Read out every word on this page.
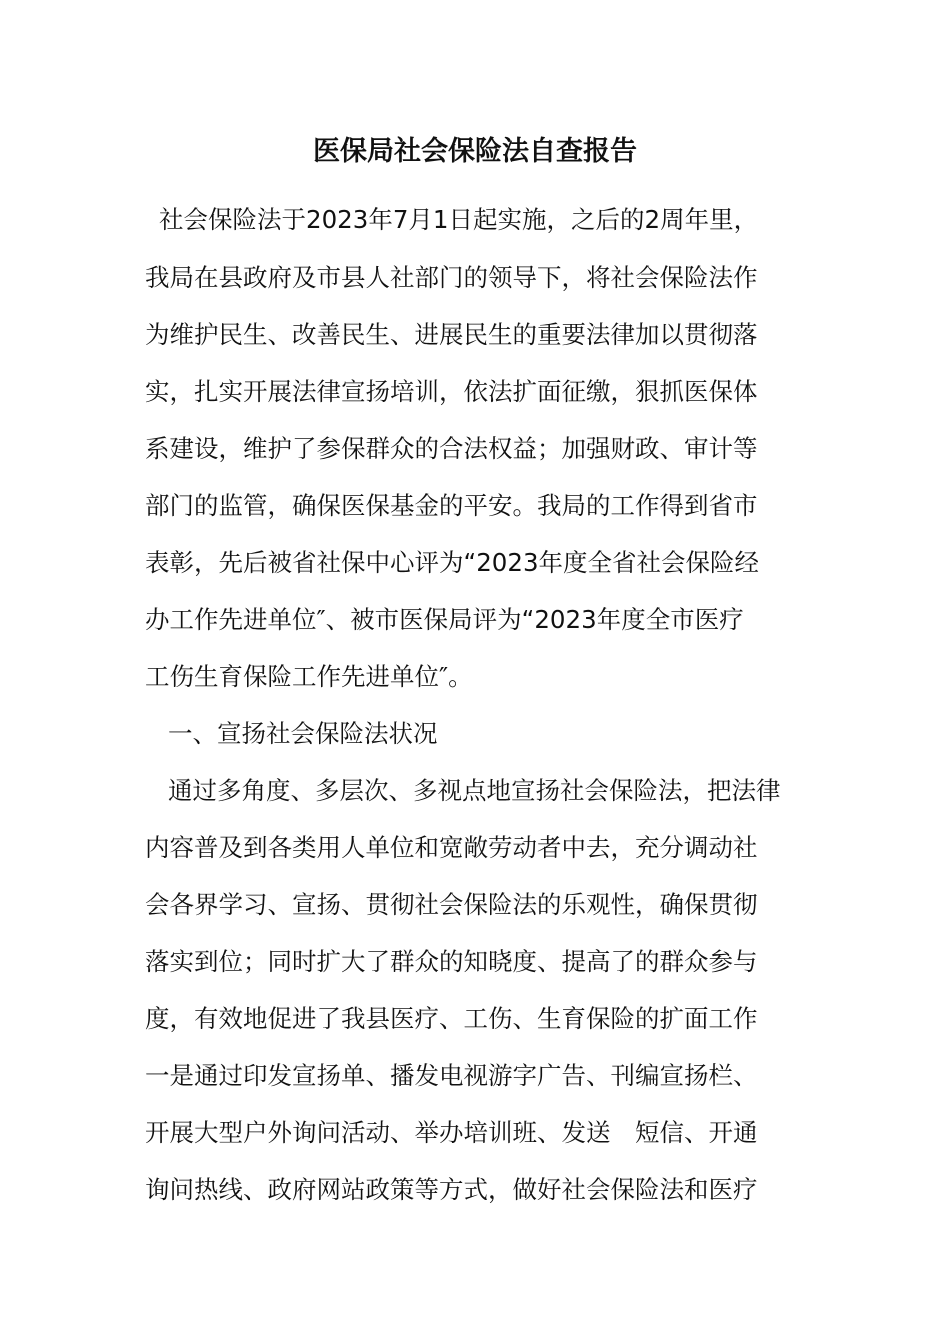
医保局社会保险法自查报告
社会保险法于2023年7月1日起实施，之后的2周年里，
我局在县政府及市县人社部门的领导下，将社会保险法作
为维护民生、改善民生、进展民生的重要法律加以贯彻落
实，扎实开展法律宣扬培训，依法扩面征缴，狠抓医保体
系建设，维护了参保群众的合法权益；加强财政、审计等
部门的监管，确保医保基金的平安。我局的工作得到省市
表彰，先后被省社保中心评为“2023年度全省社会保险经
办工作先进单位″、被市医保局评为“2023年度全市医疗
工伤生育保险工作先进单位″。
一、宣扬社会保险法状况
通过多角度、多层次、多视点地宣扬社会保险法，把法律
内容普及到各类用人单位和宽敞劳动者中去，充分调动社
会各界学习、宣扬、贯彻社会保险法的乐观性，确保贯彻
落实到位；同时扩大了群众的知晓度、提高了的群众参与
度，有效地促进了我县医疗、工伤、生育保险的扩面工作
一是通过印发宣扬单、播发电视游字广告、刊编宣扬栏、
开展大型户外询问活动、举办培训班、发送　短信、开通
询问热线、政府网站政策等方式，做好社会保险法和医疗
